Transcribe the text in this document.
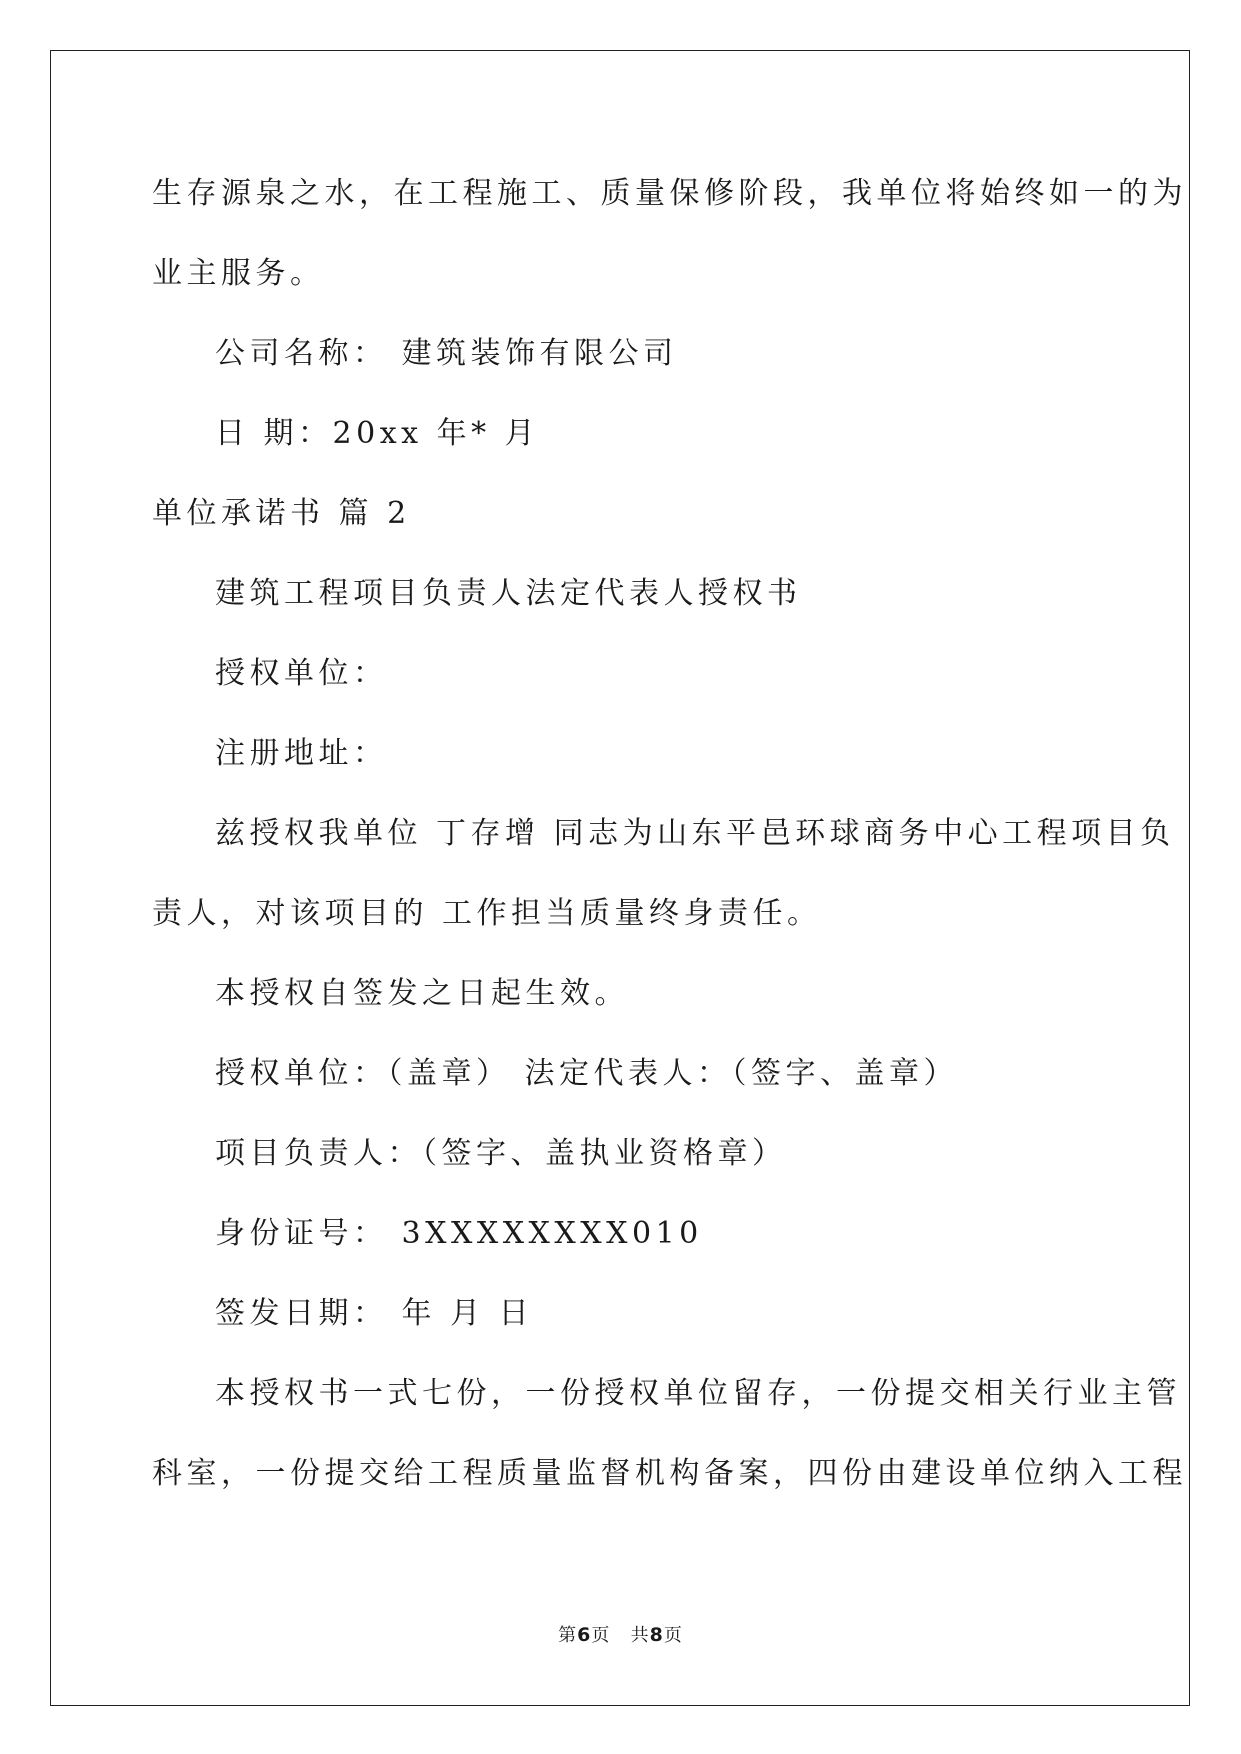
生存源泉之水，在工程施工、质量保修阶段，我单位将始终如一的为
业主服务。
公司名称： 建筑装饰有限公司
日 期：20xx 年* 月
单位承诺书 篇 2
建筑工程项目负责人法定代表人授权书
授权单位：
注册地址：
兹授权我单位 丁存增 同志为山东平邑环球商务中心工程项目负
责人，对该项目的 工作担当质量终身责任。
本授权自签发之日起生效。
授权单位：（盖章） 法定代表人：（签字、盖章）
项目负责人：（签字、盖执业资格章）
身份证号： 3XXXXXXXX010
签发日期： 年 月 日
本授权书一式七份，一份授权单位留存，一份提交相关行业主管
科室，一份提交给工程质量监督机构备案，四份由建设单位纳入工程
第6页   共8页
